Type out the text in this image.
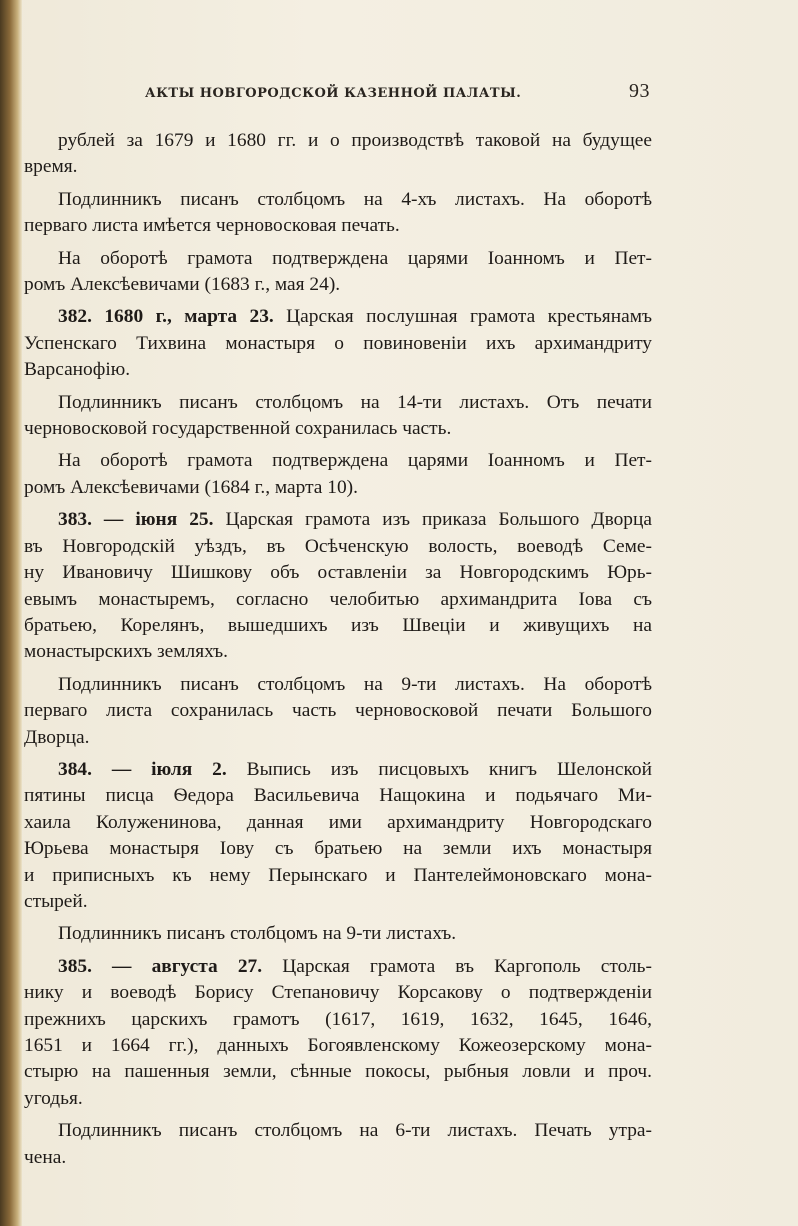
АКТЫ НОВГОРОДСКОЙ КАЗЕННОЙ ПАЛАТЫ.	93
рублей за 1679 и 1680 гг. и о производствѣ таковой на будущее
время.
Подлинникъ писанъ столбцомъ на 4-хъ листахъ. На оборотѣ
перваго листа имѣется черновосковая печать.
На оборотѣ грамота подтверждена царями Іоанномъ и Пет-
ромъ Алексѣевичами (1683 г., мая 24).
382. 1680 г., марта 23. Царская послушная грамота крестьянамъ
Успенскаго Тихвина монастыря о повиновеніи ихъ архимандриту
Варсанофію.
Подлинникъ писанъ столбцомъ на 14-ти листахъ. Отъ печати
черновосковой государственной сохранилась часть.
На оборотѣ грамота подтверждена царями Іоанномъ и Пет-
ромъ Алексѣевичами (1684 г., марта 10).
383. — іюня 25. Царская грамота изъ приказа Большого Дворца
въ Новгородскій уѣздъ, въ Осѣченскую волость, воеводѣ Семе-
ну Ивановичу Шишкову объ оставленіи за Новгородскимъ Юрь-
евымъ монастыремъ, согласно челобитью архимандрита Іова съ
братьею, Корелянъ, вышедшихъ изъ Швеціи и живущихъ на
монастырскихъ земляхъ.
Подлинникъ писанъ столбцомъ на 9-ти листахъ. На оборотѣ
перваго листа сохранилась часть черновосковой печати Большого
Дворца.
384. — іюля 2. Выпись изъ писцовыхъ книгъ Шелонской
пятины писца Ѳедора Васильевича Нащокина и подьячаго Ми-
хаила Колуженинова, данная ими архимандриту Новгородскаго
Юрьева монастыря Іову съ братьею на земли ихъ монастыря
и приписныхъ къ нему Перынскаго и Пантелеймоновскаго мона-
стырей.
Подлинникъ писанъ столбцомъ на 9-ти листахъ.
385. — августа 27. Царская грамота въ Каргополь столь-
нику и воеводѣ Борису Степановичу Корсакову о подтвержденіи
прежнихъ царскихъ грамотъ (1617, 1619, 1632, 1645, 1646,
1651 и 1664 гг.), данныхъ Богоявленскому Кожеозерскому мона-
стырю на пашенныя земли, сѣнные покосы, рыбныя ловли и проч.
угодья.
Подлинникъ писанъ столбцомъ на 6-ти листахъ. Печать утра-
чена.
